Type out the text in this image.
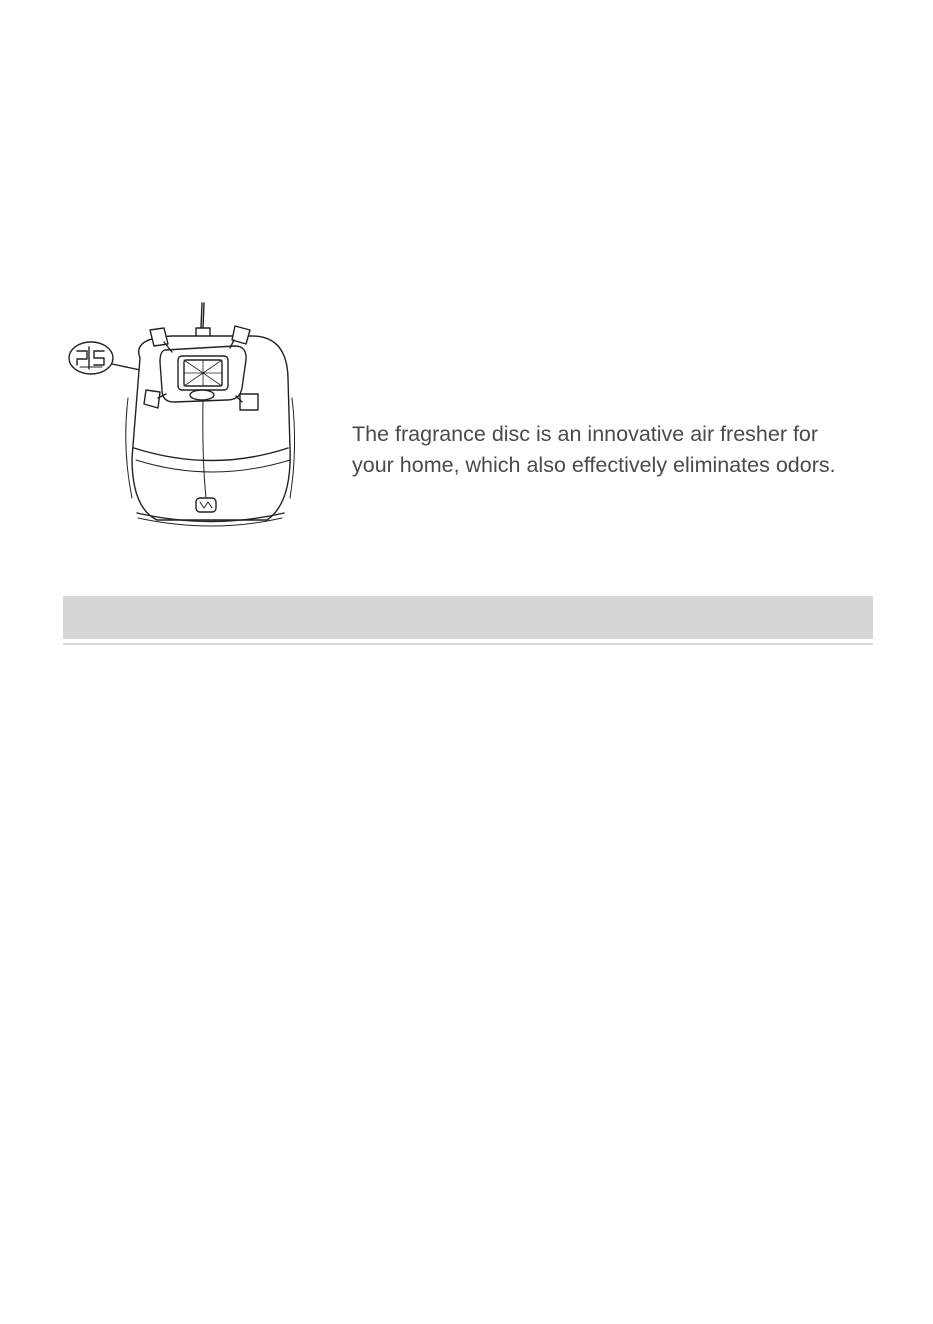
The fragrance disc is an innovative air fresher for
your home, which also effectively eliminates odors.
